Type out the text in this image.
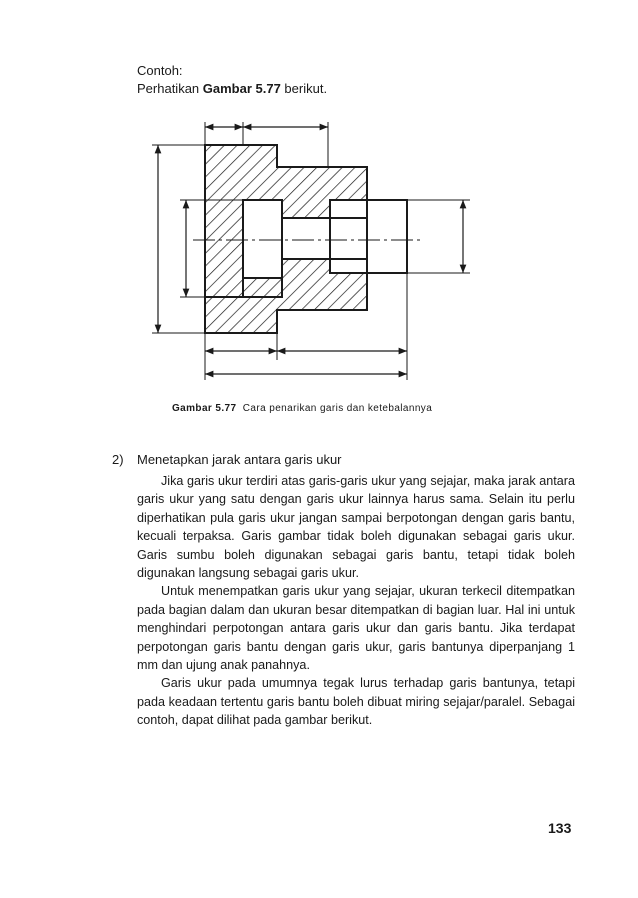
Contoh:
Perhatikan Gambar 5.77 berikut.
Gambar 5.77 Cara penarikan garis dan ketebalannya
2) Menetapkan jarak antara garis ukur

Jika garis ukur terdiri atas garis-garis ukur yang sejajar, maka jarak antara garis ukur yang satu dengan garis ukur lainnya harus sama. Selain itu perlu diperhatikan pula garis ukur jangan sampai berpotongan dengan garis bantu, kecuali terpaksa. Garis gambar tidak boleh digunakan sebagai garis ukur. Garis sumbu boleh digunakan sebagai garis bantu, tetapi tidak boleh digunakan langsung sebagai garis ukur.

Untuk menempatkan garis ukur yang sejajar, ukuran terkecil ditempatkan pada bagian dalam dan ukuran besar ditempatkan di bagian luar. Hal ini untuk menghindari perpotongan antara garis ukur dan garis bantu. Jika terdapat perpotongan garis bantu dengan garis ukur, garis bantunya diperpanjang 1 mm dan ujung anak panahnya.

Garis ukur pada umumnya tegak lurus terhadap garis bantunya, tetapi pada keadaan tertentu garis bantu boleh dibuat miring sejajar/paralel. Sebagai contoh, dapat dilihat pada gambar berikut.

133
